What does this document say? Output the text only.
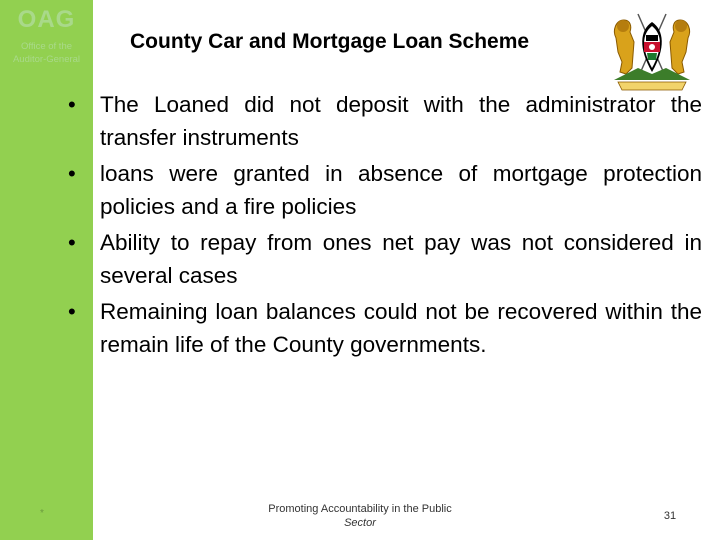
OAG
Office of the
Auditor-General
*
County Car and Mortgage Loan Scheme
• The Loaned did not deposit with the administrator the transfer instruments
• loans were granted in absence of mortgage protection policies and a fire policies
• Ability to repay from ones net pay was not considered in several cases
• Remaining loan balances could not be recovered within the remain life of the County governments.
Promoting Accountability in the Public
Sector
31
